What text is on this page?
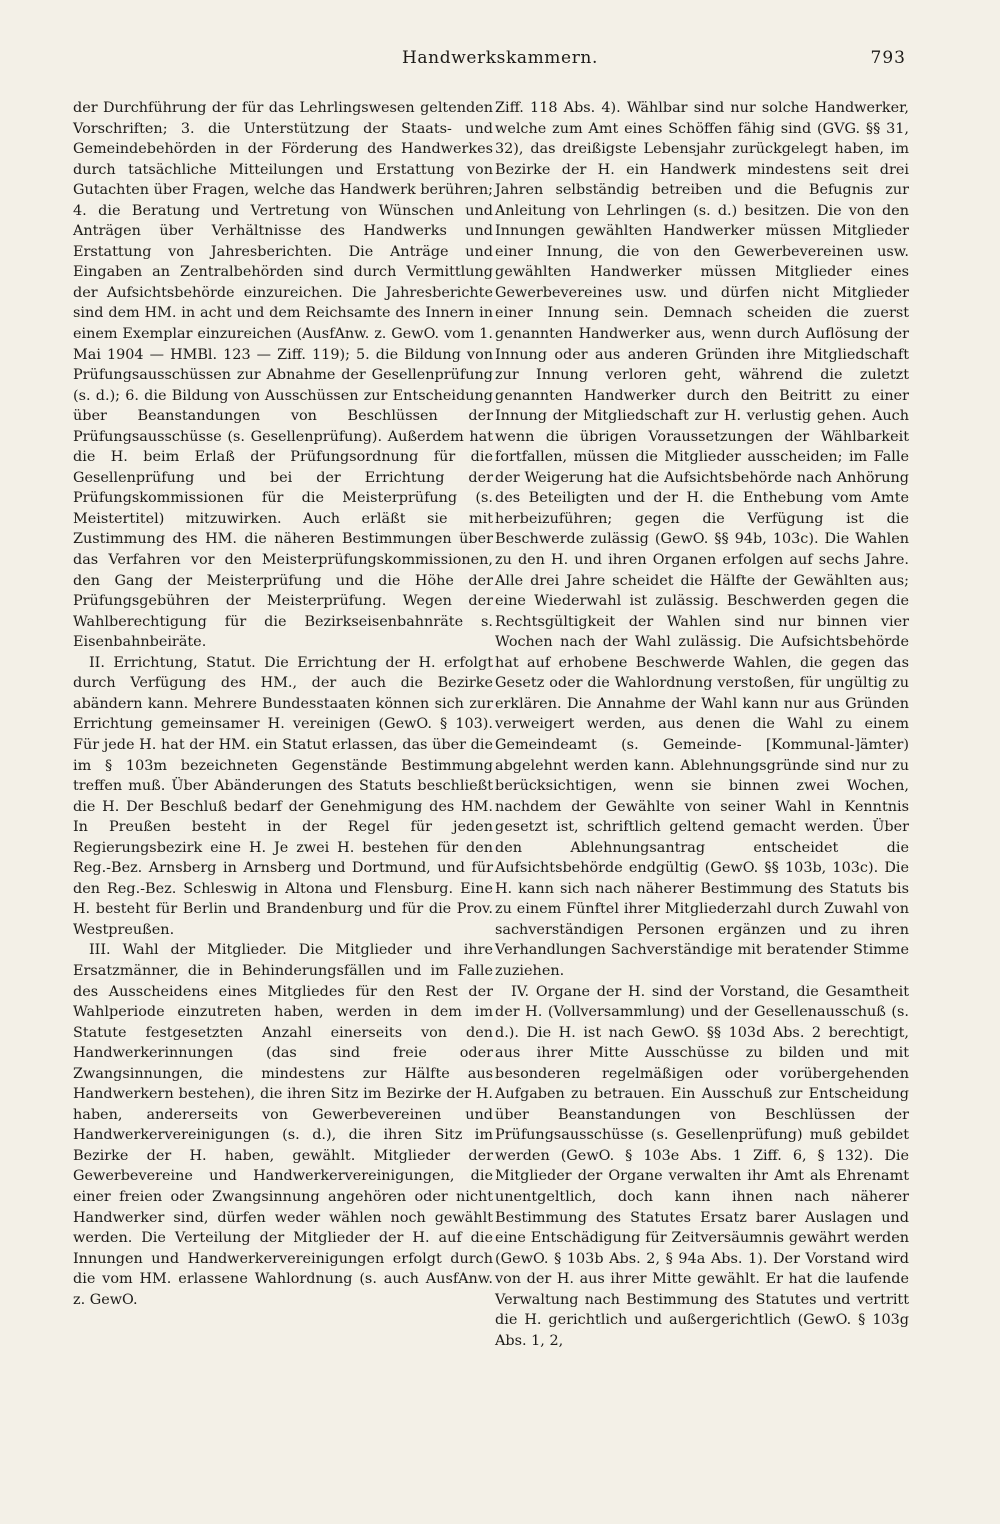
Handwerkskammern.	793

der Durchführung der für das Lehrlingswesen geltenden Vorschriften; 3. die Unterstützung der Staats- und Gemeindebehörden in der Förderung des Handwerkes durch tatsächliche Mitteilungen und Erstattung von Gutachten über Fragen, welche das Handwerk berühren; 4. die Beratung und Vertretung von Wünschen und Anträgen über Verhältnisse des Handwerks und Erstattung von Jahresberichten. Die Anträge und Eingaben an Zentralbehörden sind durch Vermittlung der Aufsichtsbehörde einzureichen. Die Jahresberichte sind dem HM. in acht und dem Reichsamte des Innern in einem Exemplar einzureichen (AusfAnw. z. GewO. vom 1. Mai 1904 — HMBl. 123 — Ziff. 119); 5. die Bildung von Prüfungsausschüssen zur Abnahme der Gesellenprüfung (s. d.); 6. die Bildung von Ausschüssen zur Entscheidung über Beanstandungen von Beschlüssen der Prüfungsausschüsse (s. Gesellenprüfung). Außerdem hat die H. beim Erlaß der Prüfungsordnung für die Gesellenprüfung und bei der Errichtung der Prüfungskommissionen für die Meisterprüfung (s. Meistertitel) mitzuwirken. Auch erläßt sie mit Zustimmung des HM. die näheren Bestimmungen über das Verfahren vor den Meisterprüfungskommissionen, den Gang der Meisterprüfung und die Höhe der Prüfungsgebühren der Meisterprüfung. Wegen der Wahlberechtigung für die Bezirkseisenbahnräte s. Eisenbahnbeiräte.

II. Errichtung, Statut. Die Errichtung der H. erfolgt durch Verfügung des HM., der auch die Bezirke abändern kann. Mehrere Bundesstaaten können sich zur Errichtung gemeinsamer H. vereinigen (GewO. § 103). Für jede H. hat der HM. ein Statut erlassen, das über die im § 103m bezeichneten Gegenstände Bestimmung treffen muß. Über Abänderungen des Statuts beschließt die H. Der Beschluß bedarf der Genehmigung des HM. In Preußen besteht in der Regel für jeden Regierungsbezirk eine H. Je zwei H. bestehen für den Reg.-Bez. Arnsberg in Arnsberg und Dortmund, und für den Reg.-Bez. Schleswig in Altona und Flensburg. Eine H. besteht für Berlin und Brandenburg und für die Prov. Westpreußen.

III. Wahl der Mitglieder. Die Mitglieder und ihre Ersatzmänner, die in Behinderungsfällen und im Falle des Ausscheidens eines Mitgliedes für den Rest der Wahlperiode einzutreten haben, werden in dem im Statute festgesetzten Anzahl einerseits von den Handwerkerinnungen (das sind freie oder Zwangsinnungen, die mindestens zur Hälfte aus Handwerkern bestehen), die ihren Sitz im Bezirke der H. haben, andererseits von Gewerbevereinen und Handwerkervereinigungen (s. d.), die ihren Sitz im Bezirke der H. haben, gewählt. Mitglieder der Gewerbevereine und Handwerkervereinigungen, die einer freien oder Zwangsinnung angehören oder nicht Handwerker sind, dürfen weder wählen noch gewählt werden. Die Verteilung der Mitglieder der H. auf die Innungen und Handwerkervereinigungen erfolgt durch die vom HM. erlassene Wahlordnung (s. auch AusfAnw. z. GewO.

Ziff. 118 Abs. 4). Wählbar sind nur solche Handwerker, welche zum Amt eines Schöffen fähig sind (GVG. §§ 31, 32), das dreißigste Lebensjahr zurückgelegt haben, im Bezirke der H. ein Handwerk mindestens seit drei Jahren selbständig betreiben und die Befugnis zur Anleitung von Lehrlingen (s. d.) besitzen. Die von den Innungen gewählten Handwerker müssen Mitglieder einer Innung, die von den Gewerbevereinen usw. gewählten Handwerker müssen Mitglieder eines Gewerbevereines usw. und dürfen nicht Mitglieder einer Innung sein. Demnach scheiden die zuerst genannten Handwerker aus, wenn durch Auflösung der Innung oder aus anderen Gründen ihre Mitgliedschaft zur Innung verloren geht, während die zuletzt genannten Handwerker durch den Beitritt zu einer Innung der Mitgliedschaft zur H. verlustig gehen. Auch wenn die übrigen Voraussetzungen der Wählbarkeit fortfallen, müssen die Mitglieder ausscheiden; im Falle der Weigerung hat die Aufsichtsbehörde nach Anhörung des Beteiligten und der H. die Enthebung vom Amte herbeizuführen; gegen die Verfügung ist die Beschwerde zulässig (GewO. §§ 94b, 103c). Die Wahlen zu den H. und ihren Organen erfolgen auf sechs Jahre. Alle drei Jahre scheidet die Hälfte der Gewählten aus; eine Wiederwahl ist zulässig. Beschwerden gegen die Rechtsgültigkeit der Wahlen sind nur binnen vier Wochen nach der Wahl zulässig. Die Aufsichtsbehörde hat auf erhobene Beschwerde Wahlen, die gegen das Gesetz oder die Wahlordnung verstoßen, für ungültig zu erklären. Die Annahme der Wahl kann nur aus Gründen verweigert werden, aus denen die Wahl zu einem Gemeindeamt (s. Gemeinde- [Kommunal-]ämter) abgelehnt werden kann. Ablehnungsgründe sind nur zu berücksichtigen, wenn sie binnen zwei Wochen, nachdem der Gewählte von seiner Wahl in Kenntnis gesetzt ist, schriftlich geltend gemacht werden. Über den Ablehnungsantrag entscheidet die Aufsichtsbehörde endgültig (GewO. §§ 103b, 103c). Die H. kann sich nach näherer Bestimmung des Statuts bis zu einem Fünftel ihrer Mitgliederzahl durch Zuwahl von sachverständigen Personen ergänzen und zu ihren Verhandlungen Sachverständige mit beratender Stimme zuziehen.

IV. Organe der H. sind der Vorstand, die Gesamtheit der H. (Vollversammlung) und der Gesellenausschuß (s. d.). Die H. ist nach GewO. §§ 103d Abs. 2 berechtigt, aus ihrer Mitte Ausschüsse zu bilden und mit besonderen regelmäßigen oder vorübergehenden Aufgaben zu betrauen. Ein Ausschuß zur Entscheidung über Beanstandungen von Beschlüssen der Prüfungsausschüsse (s. Gesellenprüfung) muß gebildet werden (GewO. § 103e Abs. 1 Ziff. 6, § 132). Die Mitglieder der Organe verwalten ihr Amt als Ehrenamt unentgeltlich, doch kann ihnen nach näherer Bestimmung des Statutes Ersatz barer Auslagen und eine Entschädigung für Zeitversäumnis gewährt werden (GewO. § 103b Abs. 2, § 94a Abs. 1). Der Vorstand wird von der H. aus ihrer Mitte gewählt. Er hat die laufende Verwaltung nach Bestimmung des Statutes und vertritt die H. gerichtlich und außergerichtlich (GewO. § 103g Abs. 1, 2,
